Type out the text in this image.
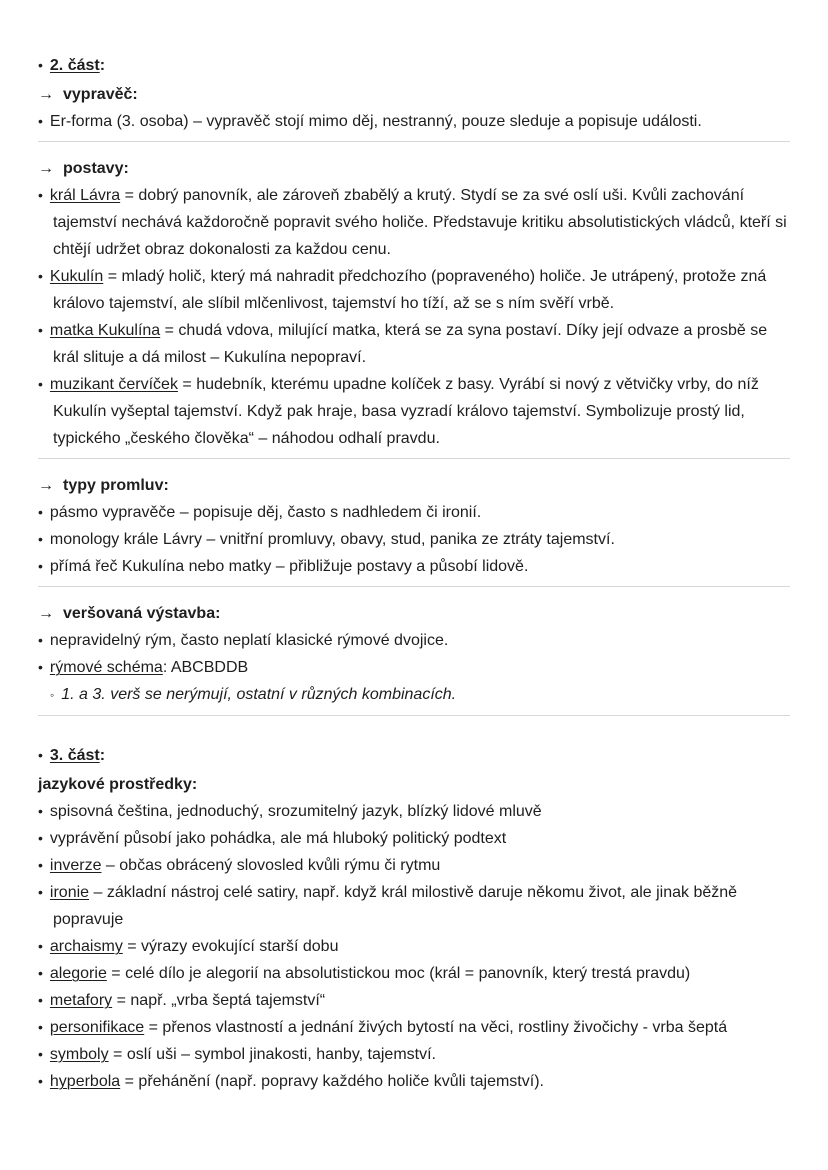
• 2. část:
→ vypravěč:
• Er-forma (3. osoba) – vypravěč stojí mimo děj, nestranný, pouze sleduje a popisuje události.
→ postavy:
• král Lávra = dobrý panovník, ale zároveň zbabělý a krutý. Stydí se za své oslí uši. Kvůli zachování tajemství nechává každoročně popravit svého holiče. Představuje kritiku absolutistických vládců, kteří si chtějí udržet obraz dokonalosti za každou cenu.
• Kukulín = mladý holič, který má nahradit předchozího (popraveného) holiče. Je utrápený, protože zná královo tajemství, ale slíbil mlčenlivost, tajemství ho tíží, až se s ním svěří vrbě.
• matka Kukulína = chudá vdova, milující matka, která se za syna postaví. Díky její odvaze a prosbě se král slituje a dá milost – Kukulína nepopraví.
• muzikant červíček = hudebník, kterému upadne kolíček z basy. Vyrábí si nový z větvičky vrby, do níž Kukulín vyšeptal tajemství. Když pak hraje, basa vyzradí královo tajemství. Symbolizuje prostý lid, typického „českého člověka“ – náhodou odhalí pravdu.
→ typy promluv:
• pásmo vypravěče – popisuje děj, často s nadhledem či ironií.
• monology krále Lávry – vnitřní promluvy, obavy, stud, panika ze ztráty tajemství.
• přímá řeč Kukulína nebo matky – přibližuje postavy a působí lidově.
→ veršovaná výstavba:
• nepravidelný rým, často neplatí klasické rýmové dvojice.
• rýmové schéma: ABCBDDB
◦ 1. a 3. verš se nerýmují, ostatní v různých kombinacích.
• 3. část:
jazykové prostředky:
• spisovná čeština, jednoduchý, srozumitelný jazyk, blízký lidové mluvě
• vyprávění působí jako pohádka, ale má hluboký politický podtext
• inverze – občas obrácený slovosled kvůli rýmu či rytmu
• ironie – základní nástroj celé satiry, např. když král milostivě daruje někomu život, ale jinak běžně popravuje
• archaismy = výrazy evokující starší dobu
• alegorie = celé dílo je alegorií na absolutistickou moc (král = panovník, který trestá pravdu)
• metafory = např. „vrba šeptá tajemství“
• personifikace = přenos vlastností a jednání živých bytostí na věci, rostliny živočichy - vrba šeptá
• symboly = oslí uši – symbol jinakosti, hanby, tajemství.
• hyperbola = přehánění (např. popravy každého holiče kvůli tajemství).
